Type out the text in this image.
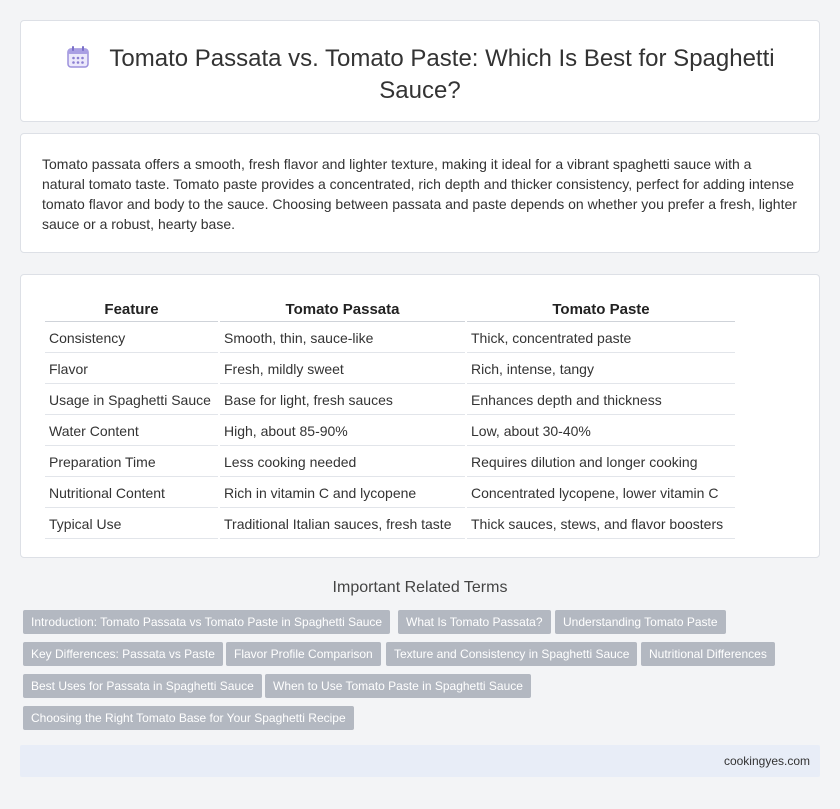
Tomato Passata vs. Tomato Paste: Which Is Best for Spaghetti Sauce?

Tomato passata offers a smooth, fresh flavor and lighter texture, making it ideal for a vibrant spaghetti sauce with a natural tomato taste. Tomato paste provides a concentrated, rich depth and thicker consistency, perfect for adding intense tomato flavor and body to the sauce. Choosing between passata and paste depends on whether you prefer a fresh, lighter sauce or a robust, hearty base.

Feature	Tomato Passata	Tomato Paste
Consistency	Smooth, thin, sauce-like	Thick, concentrated paste
Flavor	Fresh, mildly sweet	Rich, intense, tangy
Usage in Spaghetti Sauce	Base for light, fresh sauces	Enhances depth and thickness
Water Content	High, about 85-90%	Low, about 30-40%
Preparation Time	Less cooking needed	Requires dilution and longer cooking
Nutritional Content	Rich in vitamin C and lycopene	Concentrated lycopene, lower vitamin C
Typical Use	Traditional Italian sauces, fresh taste	Thick sauces, stews, and flavor boosters
Important Related Terms
Introduction: Tomato Passata vs Tomato Paste in Spaghetti Sauce	What Is Tomato Passata?	Understanding Tomato Paste
Key Differences: Passata vs Paste	Flavor Profile Comparison	Texture and Consistency in Spaghetti Sauce	Nutritional Differences
Best Uses for Passata in Spaghetti Sauce	When to Use Tomato Paste in Spaghetti Sauce
Choosing the Right Tomato Base for Your Spaghetti Recipe
cookingyes.com
